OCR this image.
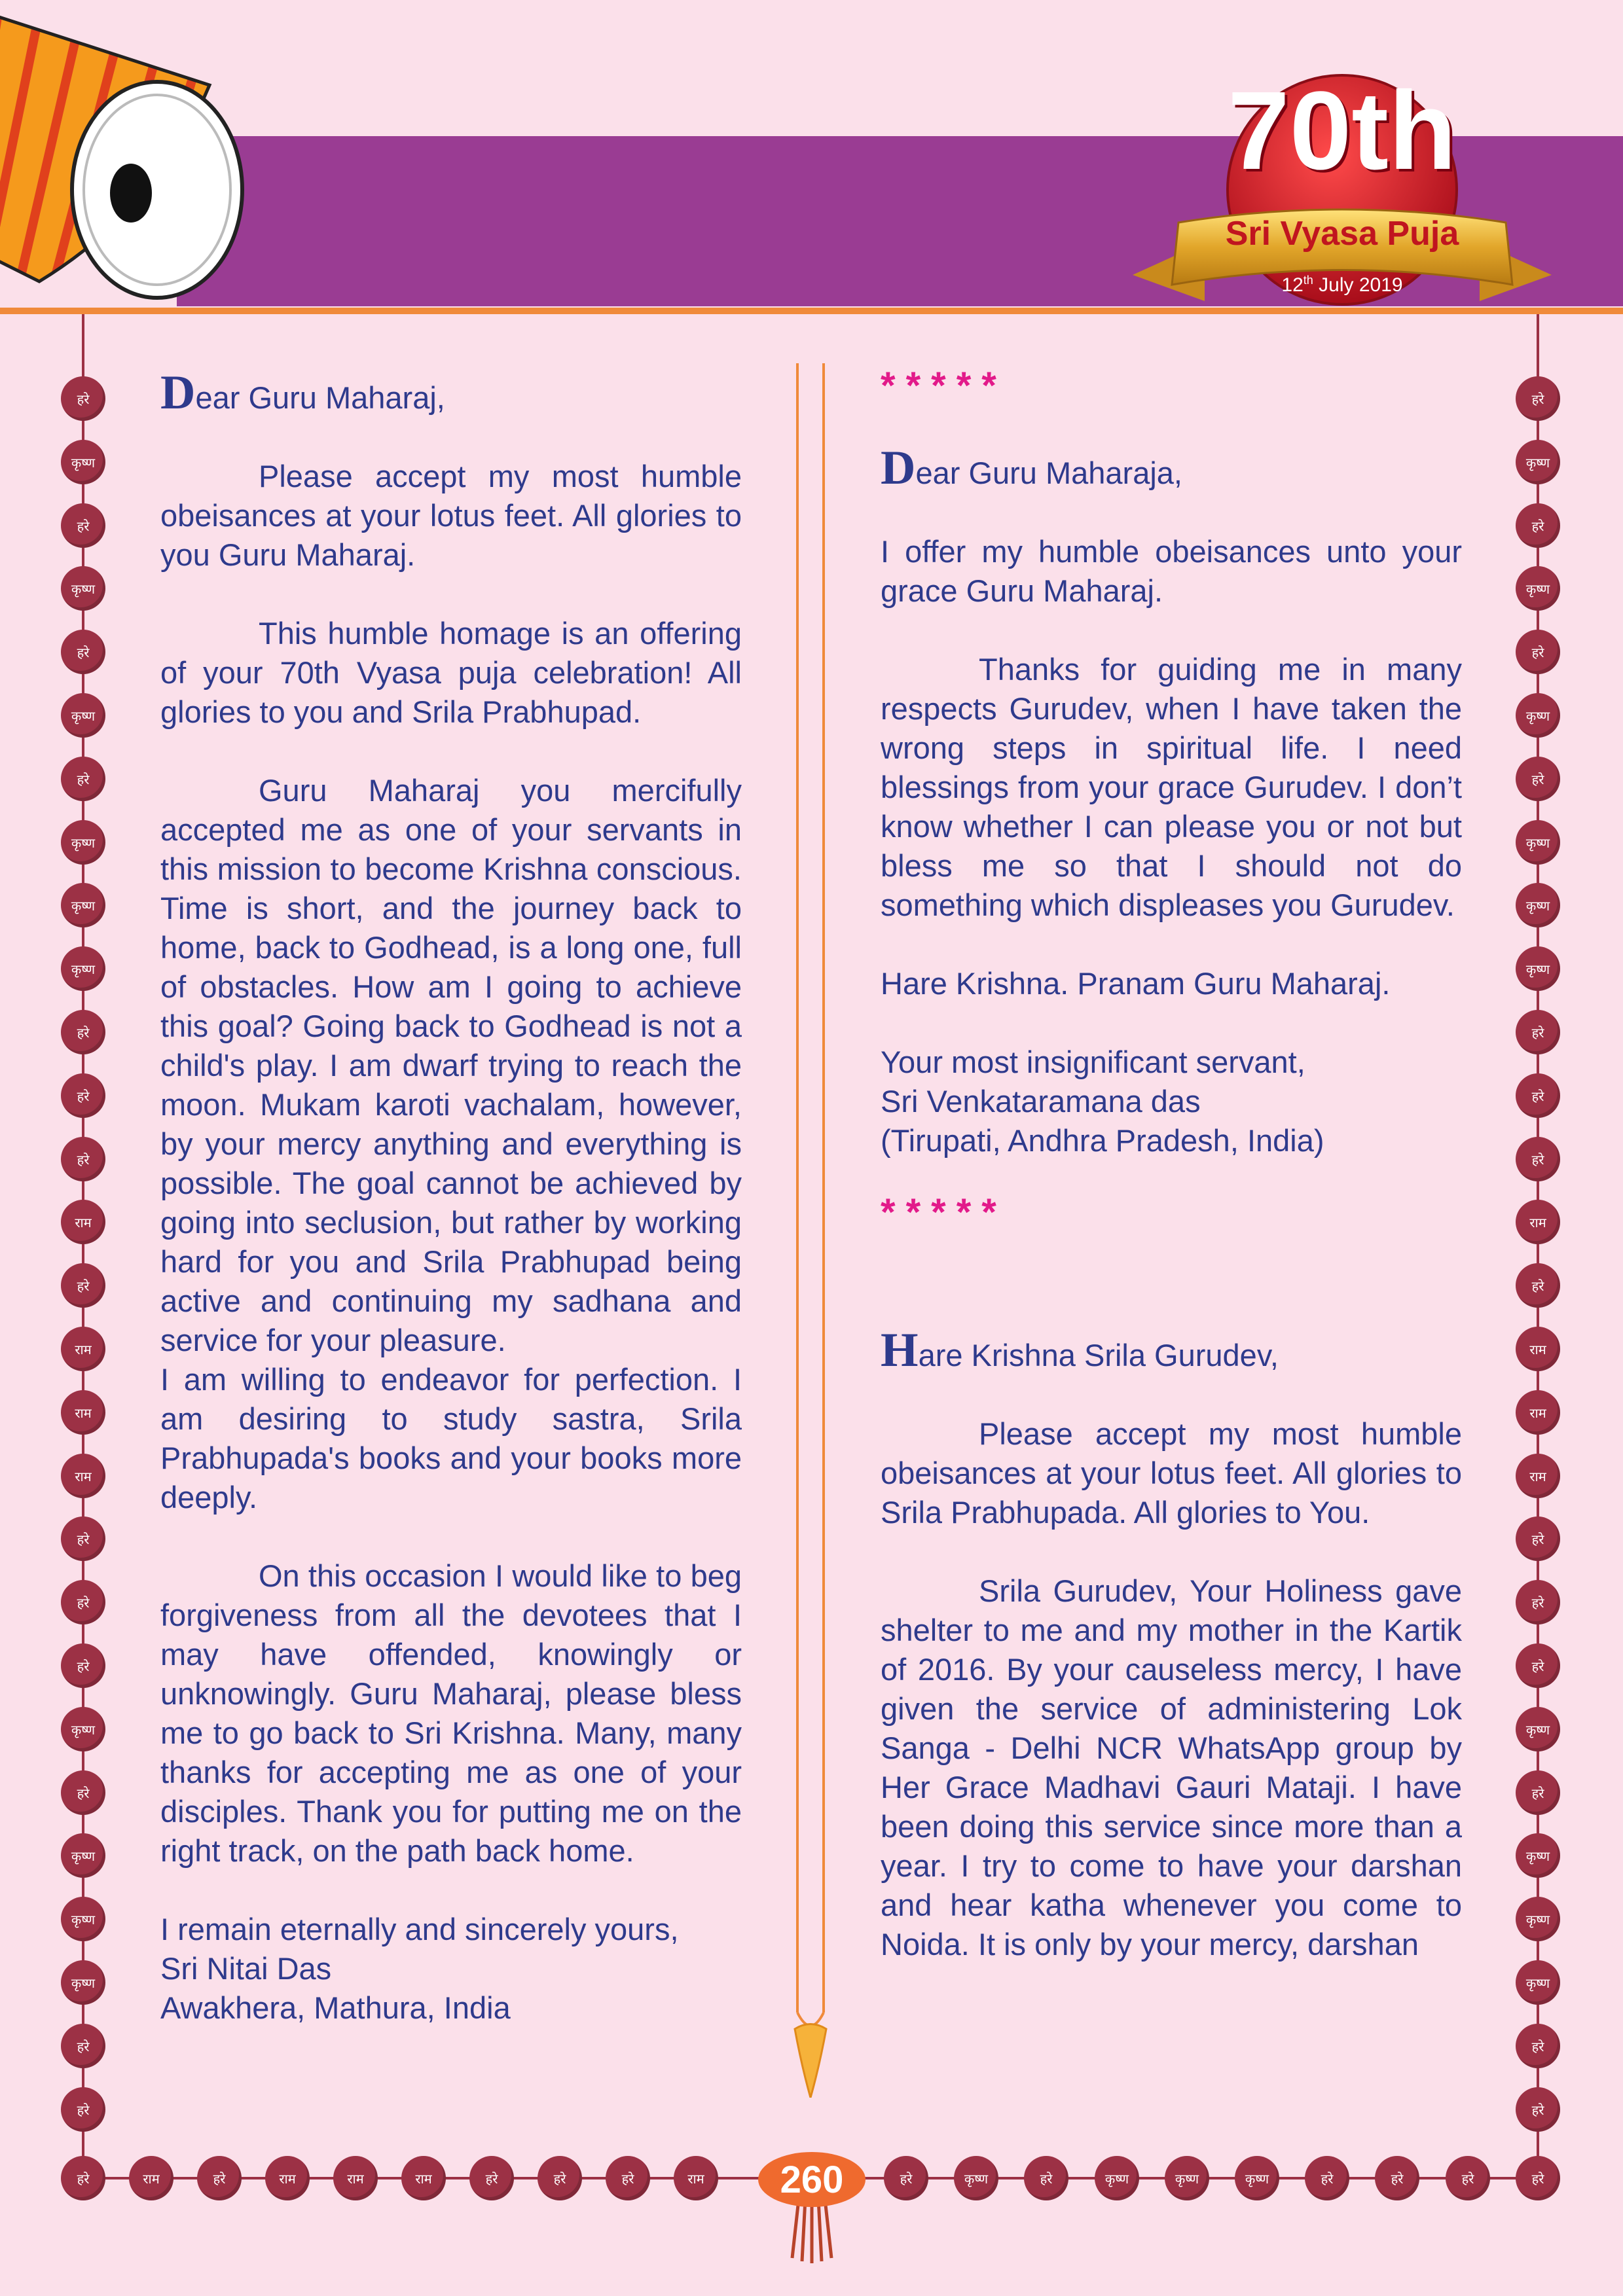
70th
Sri Vyasa Puja
12th July 2019
हरे
कृष्ण
हरे
कृष्ण
हरे
कृष्ण
हरे
कृष्ण
कृष्ण
कृष्ण
हरे
हरे
हरे
राम
हरे
राम
राम
राम
हरे
हरे
हरे
कृष्ण
हरे
कृष्ण
कृष्ण
कृष्ण
हरे
हरे
हरे
कृष्ण
हरे
कृष्ण
हरे
कृष्ण
हरे
कृष्ण
कृष्ण
कृष्ण
हरे
हरे
हरे
राम
हरे
राम
राम
राम
हरे
हरे
हरे
कृष्ण
हरे
कृष्ण
कृष्ण
कृष्ण
हरे
हरे
हरे	राम	हरे	राम	राम	राम	हरे	हरे	हरे	राम	हरे	कृष्ण	हरे	कृष्ण	कृष्ण	कृष्ण	हरे	हरे	हरे	हरे

Dear Guru Maharaj,

Please accept my most humble obeisances at your lotus feet. All glories to you Guru Maharaj.

This humble homage is an offering of your 70th Vyasa puja celebration! All glories to you and Srila Prabhupad.

Guru Maharaj you mercifully accepted me as one of your servants in this mission to become Krishna conscious. Time is short, and the journey back to home, back to Godhead, is a long one, full of obstacles. How am I going to achieve this goal? Going back to Godhead is not a child's play. I am dwarf trying to reach the moon. Mukam karoti vachalam, however, by your mercy anything and everything is possible. The goal cannot be achieved by going into seclusion, but rather by working hard for you and Srila Prabhupad being active and continuing my sadhana and service for your pleasure.

I am willing to endeavor for perfection. I am desiring to study sastra, Srila Prabhupada's books and your books more deeply.

On this occasion I would like to beg forgiveness from all the devotees that I may have offended, knowingly or unknowingly. Guru Maharaj, please bless me to go back to Sri Krishna. Many, many thanks for accepting me as one of your disciples. Thank you for putting me on the right track, on the path back home.

I remain eternally and sincerely yours,

Sri Nitai Das

Awakhera, Mathura, India

*****

Dear Guru Maharaja,

I offer my humble obeisances unto your grace Guru Maharaj.

Thanks for guiding me in many respects Gurudev, when I have taken the wrong steps in spiritual life. I need blessings from your grace Gurudev. I don’t know whether I can please you or not but bless me so that I should not do something which displeases you Gurudev.

Hare Krishna. Pranam Guru Maharaj.

Your most insignificant servant,

Sri Venkataramana das

(Tirupati, Andhra Pradesh, India)

*****

Hare Krishna Srila Gurudev,

Please accept my most humble obeisances at your lotus feet. All glories to Srila Prabhupada. All glories to You.

Srila Gurudev, Your Holiness gave shelter to me and my mother in the Kartik of 2016. By your causeless mercy, I have given the service of administering Lok Sanga - Delhi NCR WhatsApp group by Her Grace Madhavi Gauri Mataji. I have been doing this service since more than a year. I try to come to have your darshan and hear katha whenever you come to Noida. It is only by your mercy, darshan

260
